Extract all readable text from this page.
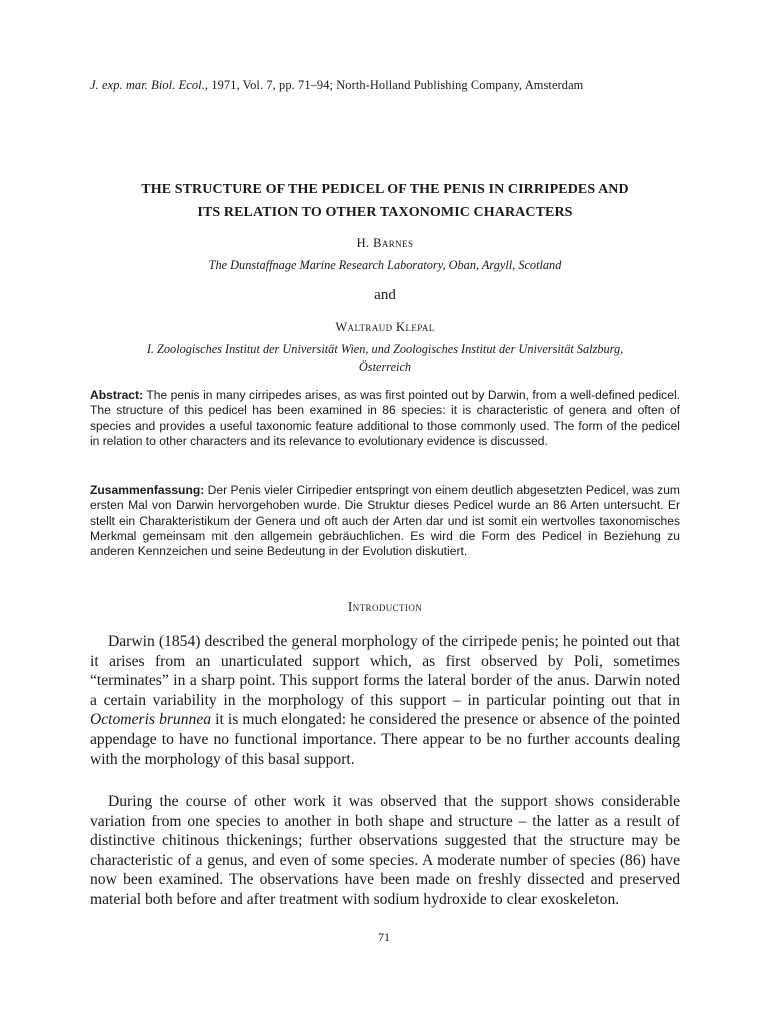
J. exp. mar. Biol. Ecol., 1971, Vol. 7, pp. 71–94; North-Holland Publishing Company, Amsterdam
THE STRUCTURE OF THE PEDICEL OF THE PENIS IN CIRRIPEDES AND
ITS RELATION TO OTHER TAXONOMIC CHARACTERS
H. Barnes
The Dunstaffnage Marine Research Laboratory, Oban, Argyll, Scotland
and
Waltraud Klepal
I. Zoologisches Institut der Universität Wien, und Zoologisches Institut der Universität Salzburg,
Österreich
Abstract: The penis in many cirripedes arises, as was first pointed out by Darwin, from a well-defined pedicel. The structure of this pedicel has been examined in 86 species: it is characteristic of genera and often of species and provides a useful taxonomic feature additional to those commonly used. The form of the pedicel in relation to other characters and its relevance to evolutionary evidence is discussed.
Zusammenfassung: Der Penis vieler Cirripedier entspringt von einem deutlich abgesetzten Pedicel, was zum ersten Mal von Darwin hervorgehoben wurde. Die Struktur dieses Pedicel wurde an 86 Arten untersucht. Er stellt ein Charakteristikum der Genera und oft auch der Arten dar und ist somit ein wertvolles taxonomisches Merkmal gemeinsam mit den allgemein gebräuchlichen. Es wird die Form des Pedicel in Beziehung zu anderen Kennzeichen und seine Bedeutung in der Evolution diskutiert.
Introduction
Darwin (1854) described the general morphology of the cirripede penis; he pointed out that it arises from an unarticulated support which, as first observed by Poli, sometimes “terminates” in a sharp point. This support forms the lateral border of the anus. Darwin noted a certain variability in the morphology of this support – in particular pointing out that in Octomeris brunnea it is much elongated: he considered the presence or absence of the pointed appendage to have no functional importance. There appear to be no further accounts dealing with the morphology of this basal support.
During the course of other work it was observed that the support shows considerable variation from one species to another in both shape and structure – the latter as a result of distinctive chitinous thickenings; further observations suggested that the structure may be characteristic of a genus, and even of some species. A moderate number of species (86) have now been examined. The observations have been made on freshly dissected and preserved material both before and after treatment with sodium hydroxide to clear exoskeleton.
71
